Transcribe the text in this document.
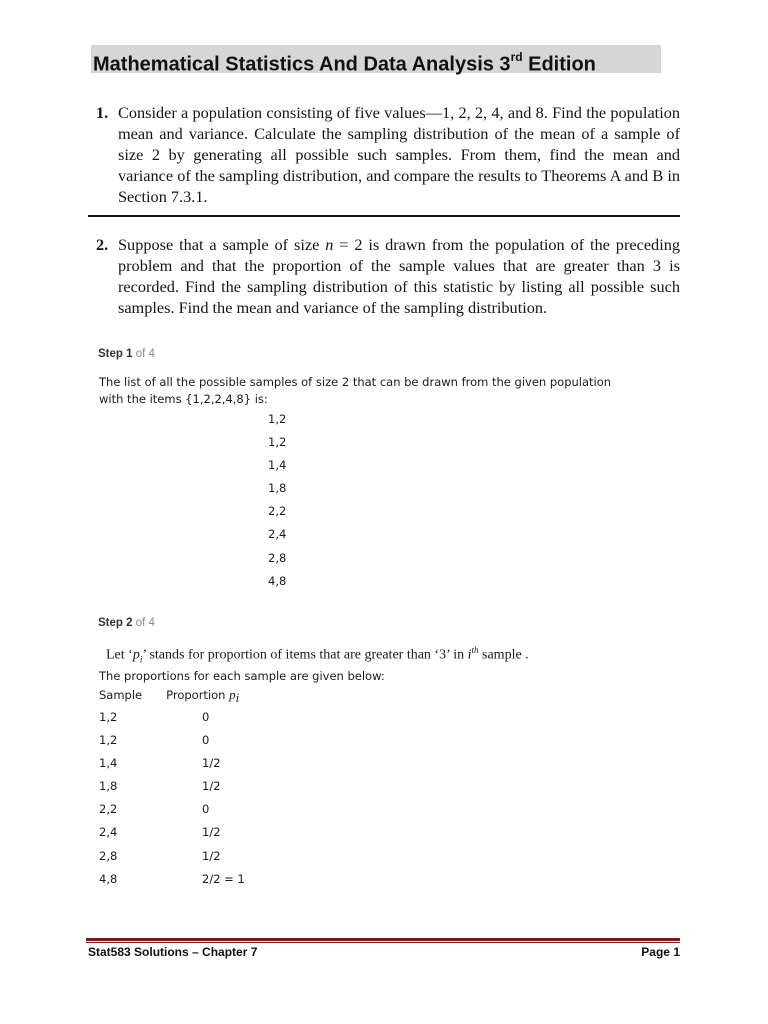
Mathematical Statistics And Data Analysis 3rd Edition
1. Consider a population consisting of five values—1, 2, 2, 4, and 8. Find the population mean and variance. Calculate the sampling distribution of the mean of a sample of size 2 by generating all possible such samples. From them, find the mean and variance of the sampling distribution, and compare the results to Theorems A and B in Section 7.3.1.
2. Suppose that a sample of size n = 2 is drawn from the population of the preceding problem and that the proportion of the sample values that are greater than 3 is recorded. Find the sampling distribution of this statistic by listing all possible such samples. Find the mean and variance of the sampling distribution.
Step 1 of 4
The list of all the possible samples of size 2 that can be drawn from the given population
with the items {1,2,2,4,8} is:
1,2
1,2
1,4
1,8
2,2
2,4
2,8
4,8
Step 2 of 4
Let ‘$p_i$’ stands for proportion of items that are greater than ‘3’ in $i^{th}$ sample .
The proportions for each sample are given below:
Sample Proportion $p_i$
1,2	0
1,2	0
1,4	1/2
1,8	1/2
2,2	0
2,4	1/2
2,8	1/2
4,8	2/2 = 1
Stat583 Solutions – Chapter 7	Page 1
